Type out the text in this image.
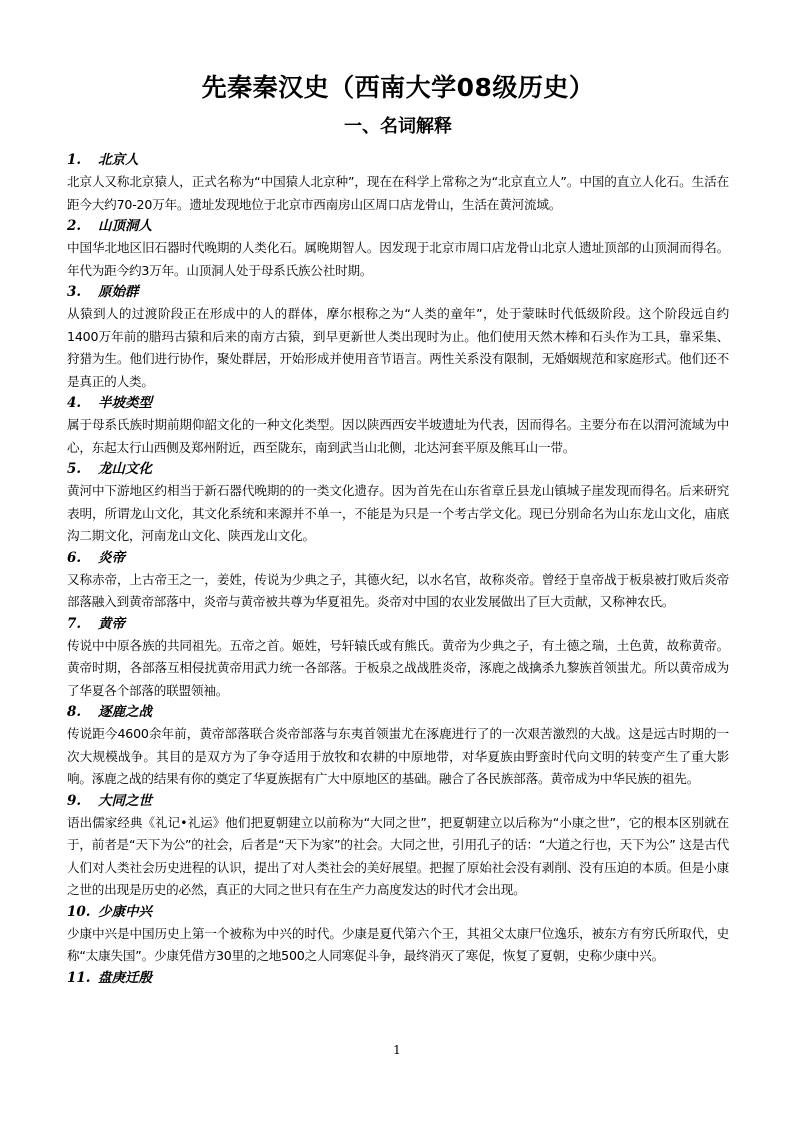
先秦秦汉史（西南大学08级历史）
一、名词解释

1. 北京人

北京人又称北京猿人，正式名称为“中国猿人北京种”，现在在科学上常称之为“北京直立人”。中国的直立人化石。生活在距今大约70-20万年。遗址发现地位于北京市西南房山区周口店龙骨山，生活在黄河流域。

2. 山顶洞人

中国华北地区旧石器时代晚期的人类化石。属晚期智人。因发现于北京市周口店龙骨山北京人遗址顶部的山顶洞而得名。年代为距今约3万年。山顶洞人处于母系氏族公社时期。

3. 原始群

从猿到人的过渡阶段正在形成中的人的群体，摩尔根称之为“人类的童年”，处于蒙昧时代低级阶段。这个阶段远自约1400万年前的腊玛古猿和后来的南方古猿，到早更新世人类出现时为止。他们使用天然木棒和石头作为工具，靠采集、狩猎为生。他们进行协作，聚处群居，开始形成并使用音节语言。两性关系没有限制，无婚姻规范和家庭形式。他们还不是真正的人类。

4. 半坡类型

属于母系氏族时期前期仰韶文化的一种文化类型。因以陕西西安半坡遗址为代表，因而得名。主要分布在以渭河流域为中心，东起太行山西侧及郑州附近，西至陇东，南到武当山北侧，北达河套平原及熊耳山一带。

5. 龙山文化

黄河中下游地区约相当于新石器代晚期的的一类文化遗存。因为首先在山东省章丘县龙山镇城子崖发现而得名。后来研究表明，所谓龙山文化，其文化系统和来源并不单一，不能是为只是一个考古学文化。现已分别命名为山东龙山文化，庙底沟二期文化，河南龙山文化、陕西龙山文化。

6. 炎帝

又称赤帝，上古帝王之一，姜姓，传说为少典之子，其德火纪，以水名官，故称炎帝。曾经于皇帝战于板泉被打败后炎帝部落融入到黄帝部落中，炎帝与黄帝被共尊为华夏祖先。炎帝对中国的农业发展做出了巨大贡献，又称神农氏。

7. 黄帝

传说中中原各族的共同祖先。五帝之首。姬姓，号轩辕氏或有熊氏。黄帝为少典之子，有土德之瑞，土色黄，故称黄帝。黄帝时期，各部落互相侵扰黄帝用武力统一各部落。于板泉之战战胜炎帝，涿鹿之战擒杀九黎族首领蚩尤。所以黄帝成为了华夏各个部落的联盟领袖。

8. 逐鹿之战

传说距今4600余年前，黄帝部落联合炎帝部落与东夷首领蚩尤在涿鹿进行了的一次艰苦激烈的大战。这是远古时期的一次大规模战争。其目的是双方为了争夺适用于放牧和农耕的中原地带，对华夏族由野蛮时代向文明的转变产生了重大影响。涿鹿之战的结果有你的奠定了华夏族据有广大中原地区的基础。融合了各民族部落。黄帝成为中华民族的祖先。

9. 大同之世

语出儒家经典《礼记•礼运》他们把夏朝建立以前称为“大同之世”，把夏朝建立以后称为“小康之世”，它的根本区别就在于，前者是“天下为公”的社会，后者是“天下为家”的社会。大同之世，引用孔子的话：“大道之行也，天下为公” 这是古代人们对人类社会历史进程的认识，提出了对人类社会的美好展望。把握了原始社会没有剥削、没有压迫的本质。但是小康之世的出现是历史的必然，真正的大同之世只有在生产力高度发达的时代才会出现。

10. 少康中兴

少康中兴是中国历史上第一个被称为中兴的时代。少康是夏代第六个王，其祖父太康尸位逸乐，被东方有穷氏所取代，史称“太康失国”。少康凭借方30里的之地500之人同寒促斗争，最终消灭了寒促，恢复了夏朝，史称少康中兴。

11. 盘庚迁殷

1
